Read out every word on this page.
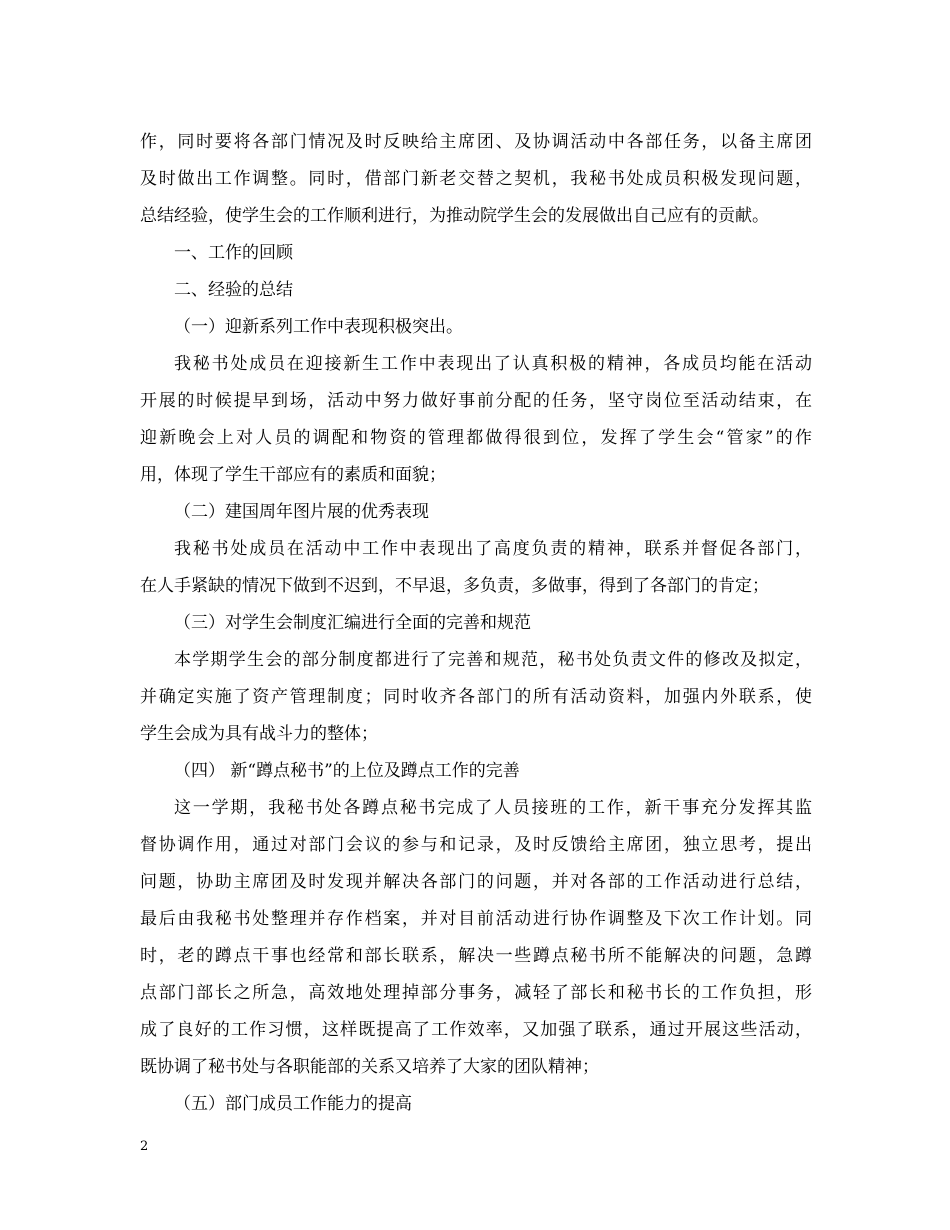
作，同时要将各部门情况及时反映给主席团、及协调活动中各部任务，以备主席团
及时做出工作调整。同时，借部门新老交替之契机，我秘书处成员积极发现问题，
总结经验，使学生会的工作顺利进行，为推动院学生会的发展做出自己应有的贡献。
一、工作的回顾
二、经验的总结
（一）迎新系列工作中表现积极突出。
我秘书处成员在迎接新生工作中表现出了认真积极的精神，各成员均能在活动
开展的时候提早到场，活动中努力做好事前分配的任务，坚守岗位至活动结束，在
迎新晚会上对人员的调配和物资的管理都做得很到位，发挥了学生会“管家”的作
用，体现了学生干部应有的素质和面貌；
（二）建国周年图片展的优秀表现
我秘书处成员在活动中工作中表现出了高度负责的精神，联系并督促各部门，
在人手紧缺的情况下做到不迟到，不早退，多负责，多做事，得到了各部门的肯定；
（三）对学生会制度汇编进行全面的完善和规范
本学期学生会的部分制度都进行了完善和规范，秘书处负责文件的修改及拟定，
并确定实施了资产管理制度；同时收齐各部门的所有活动资料，加强内外联系，使
学生会成为具有战斗力的整体；
（四） 新“蹲点秘书”的上位及蹲点工作的完善
这一学期，我秘书处各蹲点秘书完成了人员接班的工作，新干事充分发挥其监
督协调作用，通过对部门会议的参与和记录，及时反馈给主席团，独立思考，提出
问题，协助主席团及时发现并解决各部门的问题，并对各部的工作活动进行总结，
最后由我秘书处整理并存作档案，并对目前活动进行协作调整及下次工作计划。同
时，老的蹲点干事也经常和部长联系，解决一些蹲点秘书所不能解决的问题，急蹲
点部门部长之所急，高效地处理掉部分事务，减轻了部长和秘书长的工作负担，形
成了良好的工作习惯，这样既提高了工作效率，又加强了联系，通过开展这些活动，
既协调了秘书处与各职能部的关系又培养了大家的团队精神；
（五）部门成员工作能力的提高
2
